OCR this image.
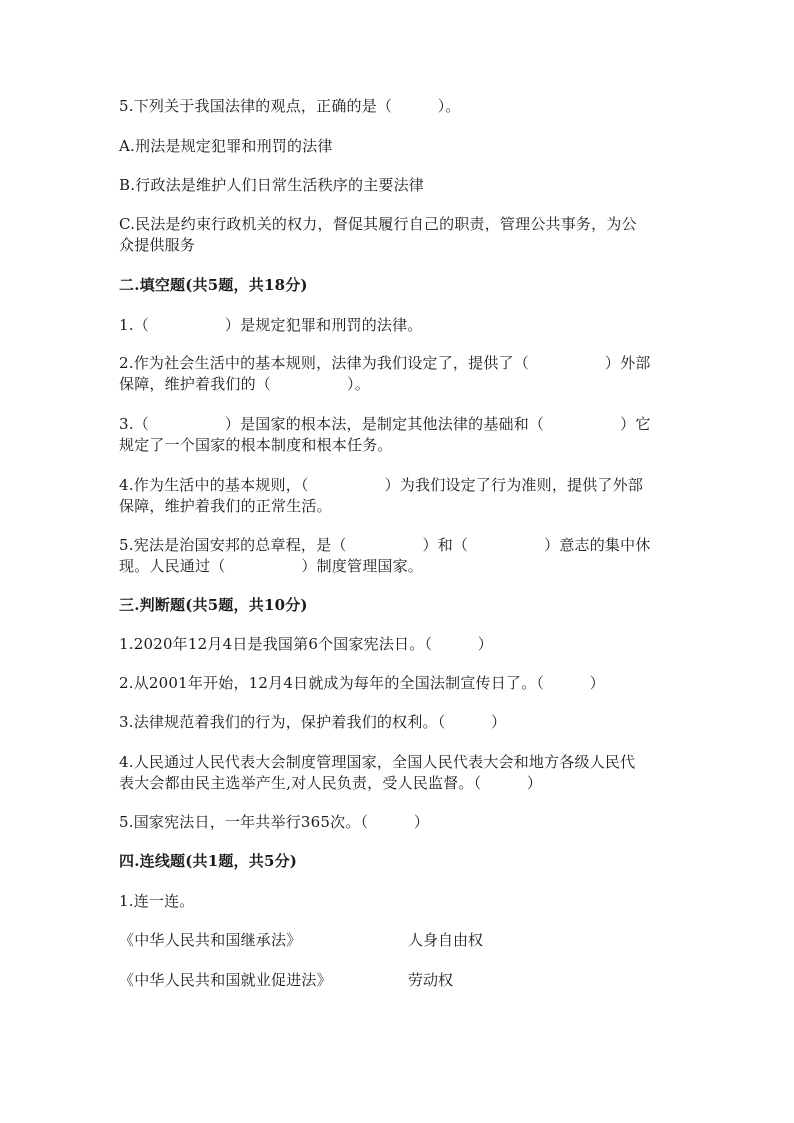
5.下列关于我国法律的观点，正确的是（　　　）。
A.刑法是规定犯罪和刑罚的法律
B.行政法是维护人们日常生活秩序的主要法律
C.民法是约束行政机关的权力，督促其履行自己的职责，管理公共事务，为公
众提供服务
二.填空题(共5题，共18分)
1.（　　　　　）是规定犯罪和刑罚的法律。
2.作为社会生活中的基本规则，法律为我们设定了，提供了（　　　　　）外部
保障，维护着我们的（　　　　　）。
3.（　　　　　）是国家的根本法，是制定其他法律的基础和（　　　　　）它
规定了一个国家的根本制度和根本任务。
4.作为生活中的基本规则，（　　　　　）为我们设定了行为准则，提供了外部
保障，维护着我们的正常生活。
5.宪法是治国安邦的总章程，是（　　　　　）和（　　　　　）意志的集中休
现。人民通过（　　　　　）制度管理国家。
三.判断题(共5题，共10分)
1.2020年12月4日是我国第6个国家宪法日。（　　　）
2.从2001年开始，12月4日就成为每年的全国法制宣传日了。（　　　）
3.法律规范着我们的行为，保护着我们的权利。（　　　）
4.人民通过人民代表大会制度管理国家，全国人民代表大会和地方各级人民代
表大会都由民主选举产生,对人民负责，受人民监督。（　　　）
5.国家宪法日，一年共举行365次。（　　　）
四.连线题(共1题，共5分)
1.连一连。
《中华人民共和国继承法》	人身自由权
《中华人民共和国就业促进法》	劳动权
